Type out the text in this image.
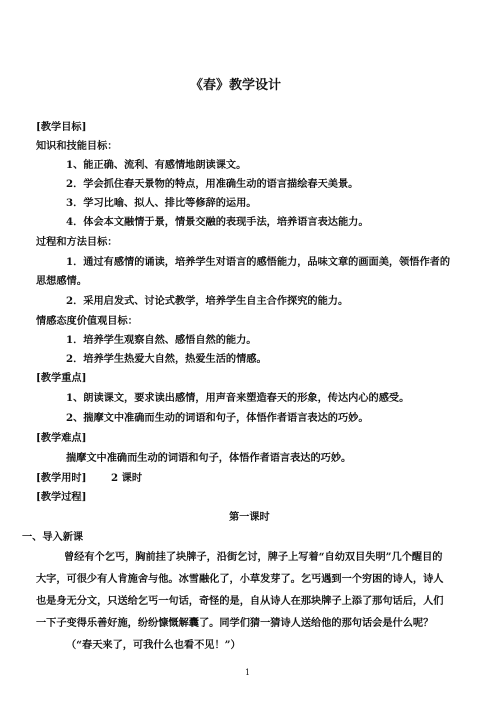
《春》教学设计
[教学目标]
知识和技能目标：
1、能正确、流利、有感情地朗读课文。
2．学会抓住春天景物的特点，用准确生动的语言描绘春天美景。
3．学习比喻、拟人、排比等修辞的运用。
4．体会本文融情于景，情景交融的表现手法，培养语言表达能力。
过程和方法目标：
1．通过有感情的诵读，培养学生对语言的感悟能力，品味文章的画面美，领悟作者的
思想感情。
2．采用启发式、讨论式教学，培养学生自主合作探究的能力。
情感态度价值观目标：
1．培养学生观察自然、感悟自然的能力。
2．培养学生热爱大自然，热爱生活的情感。
[教学重点]
1、朗读课文，要求读出感情，用声音来塑造春天的形象，传达内心的感受。
2、揣摩文中准确而生动的词语和句子，体悟作者语言表达的巧妙。
[教学难点]
揣摩文中准确而生动的词语和句子，体悟作者语言表达的巧妙。
[教学用时] 2 课时
[教学过程]
第一课时
一、导入新课
曾经有个乞丐，胸前挂了块牌子，沿街乞讨，牌子上写着“自幼双目失明”几个醒目的
大字，可很少有人肯施舍与他。冰雪融化了，小草发芽了。乞丐遇到一个穷困的诗人，诗人
也是身无分文，只送给乞丐一句话，奇怪的是，自从诗人在那块牌子上添了那句话后，人们
一下子变得乐善好施，纷纷慷慨解囊了。同学们猜一猜诗人送给他的那句话会是什么呢？
（“春天来了，可我什么也看不见！”）
1
